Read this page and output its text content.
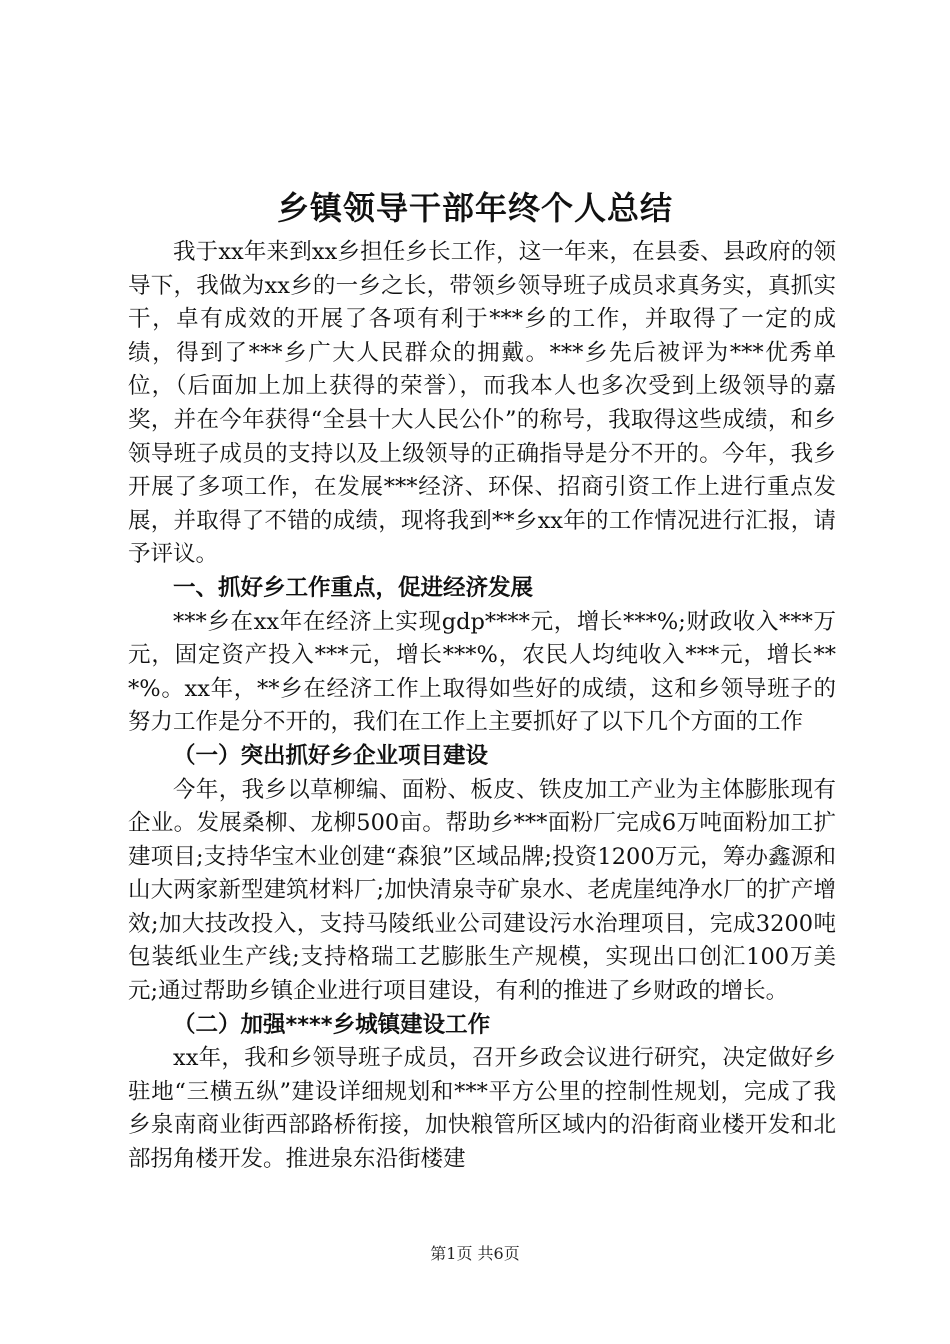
乡镇领导干部年终个人总结

我于xx年来到xx乡担任乡长工作，这一年来，在县委、县政府的领导下，我做为xx乡的一乡之长，带领乡领导班子成员求真务实，真抓实干，卓有成效的开展了各项有利于***乡的工作，并取得了一定的成绩，得到了***乡广大人民群众的拥戴。***乡先后被评为***优秀单位，（后面加上加上获得的荣誉），而我本人也多次受到上级领导的嘉奖，并在今年获得“全县十大人民公仆”的称号，我取得这些成绩，和乡领导班子成员的支持以及上级领导的正确指导是分不开的。今年，我乡开展了多项工作，在发展***经济、环保、招商引资工作上进行重点发展，并取得了不错的成绩，现将我到**乡xx年的工作情况进行汇报，请予评议。

一、抓好乡工作重点，促进经济发展

***乡在xx年在经济上实现gdp****元，增长***%;财政收入***万元，固定资产投入***元，增长***%，农民人均纯收入***元，增长***%。xx年，**乡在经济工作上取得如些好的成绩，这和乡领导班子的努力工作是分不开的，我们在工作上主要抓好了以下几个方面的工作

（一）突出抓好乡企业项目建设

今年，我乡以草柳编、面粉、板皮、铁皮加工产业为主体膨胀现有企业。发展桑柳、龙柳500亩。帮助乡***面粉厂完成6万吨面粉加工扩建项目;支持华宝木业创建“森狼”区域品牌;投资1200万元，筹办鑫源和山大两家新型建筑材料厂;加快清泉寺矿泉水、老虎崖纯净水厂的扩产增效;加大技改投入，支持马陵纸业公司建设污水治理项目，完成3200吨包装纸业生产线;支持格瑞工艺膨胀生产规模，实现出口创汇100万美元;通过帮助乡镇企业进行项目建设，有利的推进了乡财政的增长。

（二）加强****乡城镇建设工作

xx年，我和乡领导班子成员，召开乡政会议进行研究，决定做好乡驻地“三横五纵”建设详细规划和***平方公里的控制性规划，完成了我乡泉南商业街西部路桥衔接，加快粮管所区域内的沿街商业楼开发和北部拐角楼开发。推进泉东沿街楼建

第1页 共6页
